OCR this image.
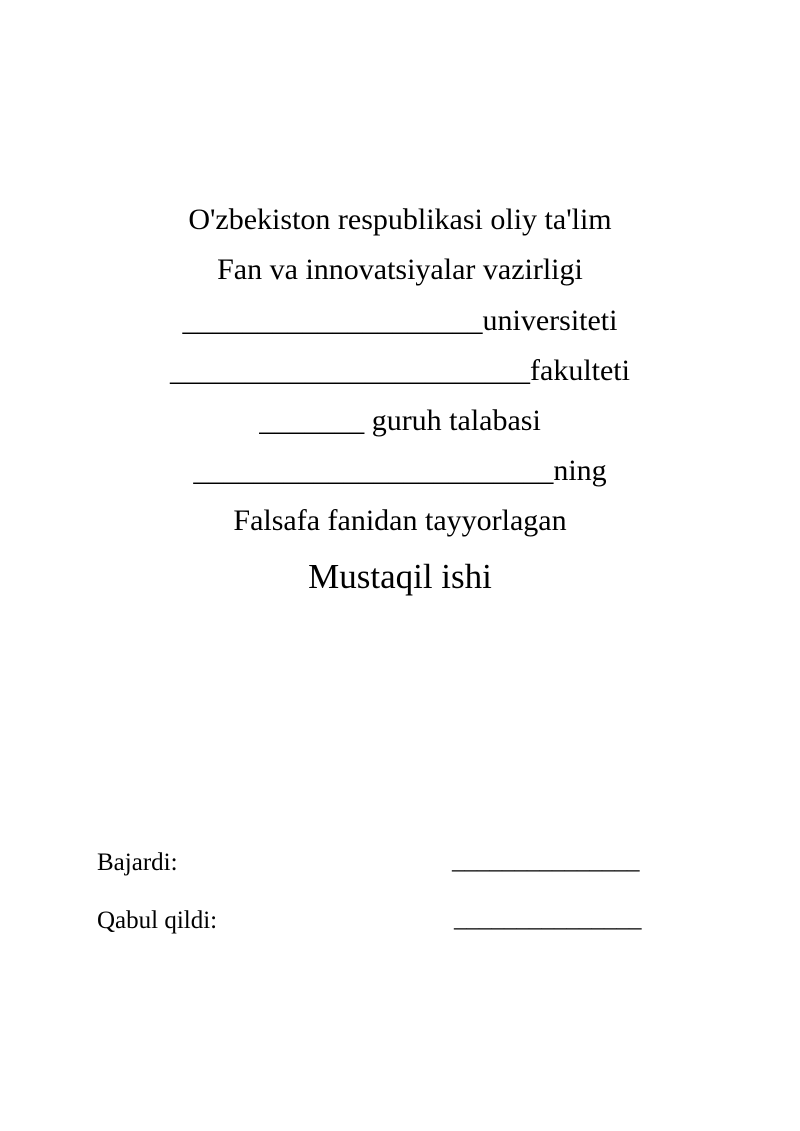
O'zbekiston respublikasi oliy ta'lim
Fan va innovatsiyalar vazirligi
____________________universiteti
________________________fakulteti
_______ guruh talabasi
________________________ning
Falsafa fanidan tayyorlagan
Mustaqil ishi
Bajardi:	_______________
Qabul qildi:	_______________
